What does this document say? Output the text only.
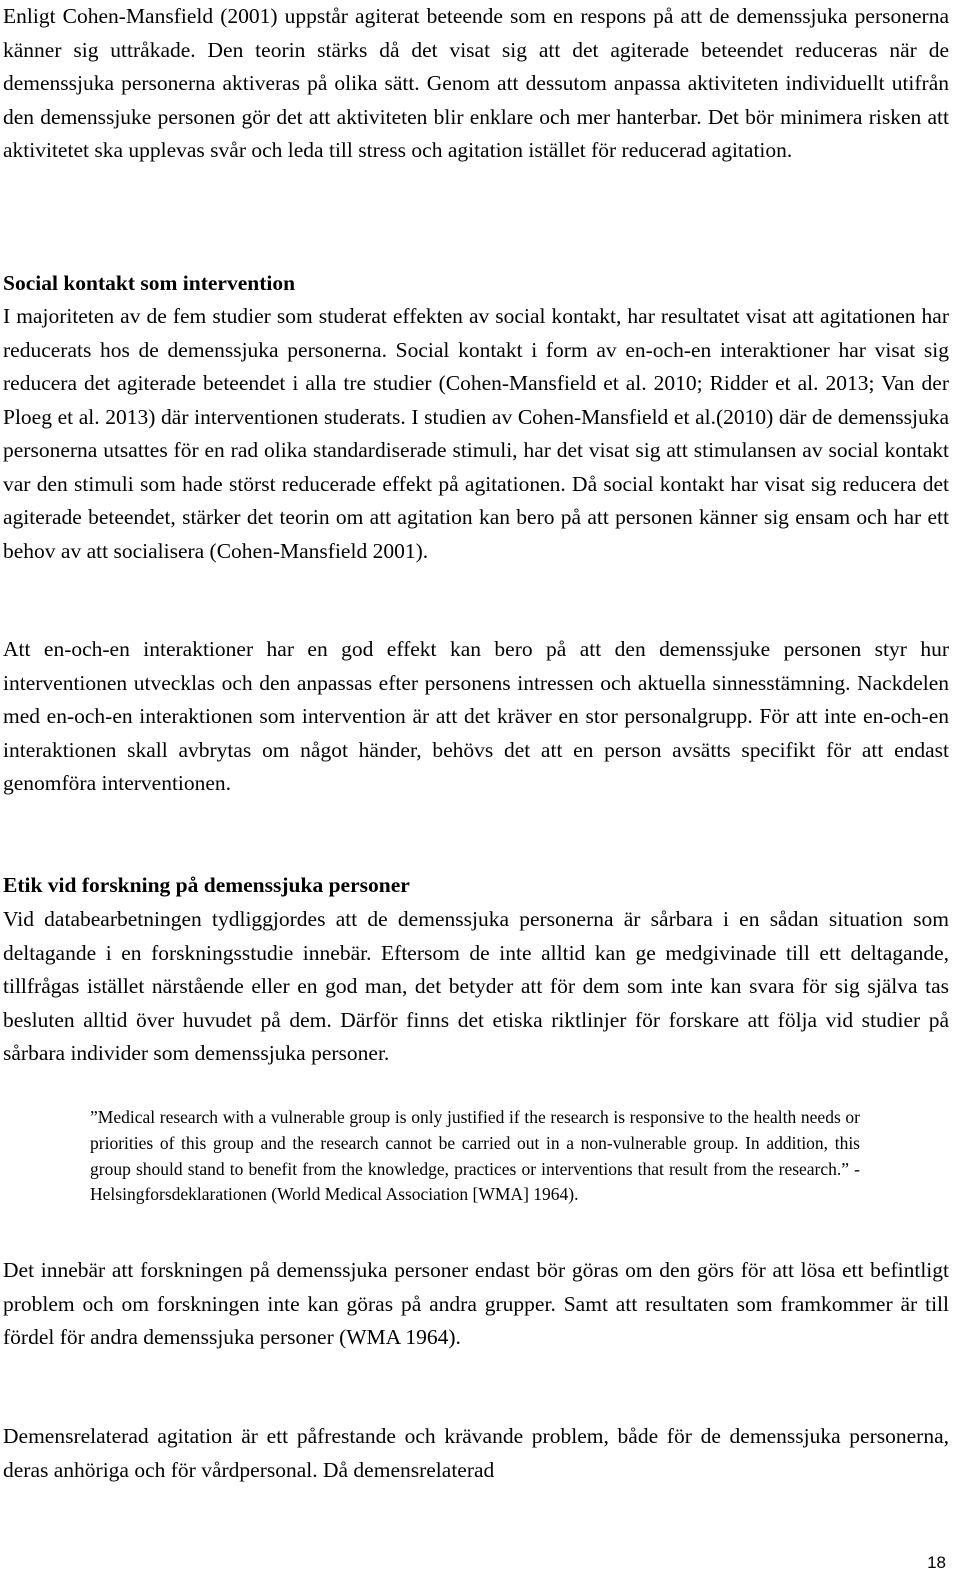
Enligt Cohen-Mansfield (2001) uppstår agiterat beteende som en respons på att de demenssjuka personerna känner sig uttråkade. Den teorin stärks då det visat sig att det agiterade beteendet reduceras när de demenssjuka personerna aktiveras på olika sätt. Genom att dessutom anpassa aktiviteten individuellt utifrån den demenssjuke personen gör det att aktiviteten blir enklare och mer hanterbar. Det bör minimera risken att aktivitetet ska upplevas svår och leda till stress och agitation istället för reducerad agitation.

Social kontakt som intervention

I majoriteten av de fem studier som studerat effekten av social kontakt, har resultatet visat att agitationen har reducerats hos de demenssjuka personerna. Social kontakt i form av en-och-en interaktioner har visat sig reducera det agiterade beteendet i alla tre studier (Cohen-Mansfield et al. 2010; Ridder et al. 2013; Van der Ploeg et al. 2013) där interventionen studerats. I studien av Cohen-Mansfield et al.(2010) där de demenssjuka personerna utsattes för en rad olika standardiserade stimuli, har det visat sig att stimulansen av social kontakt var den stimuli som hade störst reducerade effekt på agitationen. Då social kontakt har visat sig reducera det agiterade beteendet, stärker det teorin om att agitation kan bero på att personen känner sig ensam och har ett behov av att socialisera (Cohen-Mansfield 2001).

Att en-och-en interaktioner har en god effekt kan bero på att den demenssjuke personen styr hur interventionen utvecklas och den anpassas efter personens intressen och aktuella sinnesstämning. Nackdelen med en-och-en interaktionen som intervention är att det kräver en stor personalgrupp. För att inte en-och-en interaktionen skall avbrytas om något händer, behövs det att en person avsätts specifikt för att endast genomföra interventionen.

Etik vid forskning på demenssjuka personer

Vid databearbetningen tydliggjordes att de demenssjuka personerna är sårbara i en sådan situation som deltagande i en forskningsstudie innebär. Eftersom de inte alltid kan ge medgivinade till ett deltagande, tillfrågas istället närstående eller en god man, det betyder att för dem som inte kan svara för sig själva tas besluten alltid över huvudet på dem. Därför finns det etiska riktlinjer för forskare att följa vid studier på sårbara individer som demenssjuka personer.

”Medical research with a vulnerable group is only justified if the research is responsive to the health needs or priorities of this group and the research cannot be carried out in a non-vulnerable group. In addition, this group should stand to benefit from the knowledge, practices or interventions that result from the research.” - Helsingforsdeklarationen (World Medical Association [WMA] 1964).

Det innebär att forskningen på demenssjuka personer endast bör göras om den görs för att lösa ett befintligt problem och om forskningen inte kan göras på andra grupper. Samt att resultaten som framkommer är till fördel för andra demenssjuka personer (WMA 1964).

Demensrelaterad agitation är ett påfrestande och krävande problem, både för de demenssjuka personerna, deras anhöriga och för vårdpersonal. Då demensrelaterad

18
